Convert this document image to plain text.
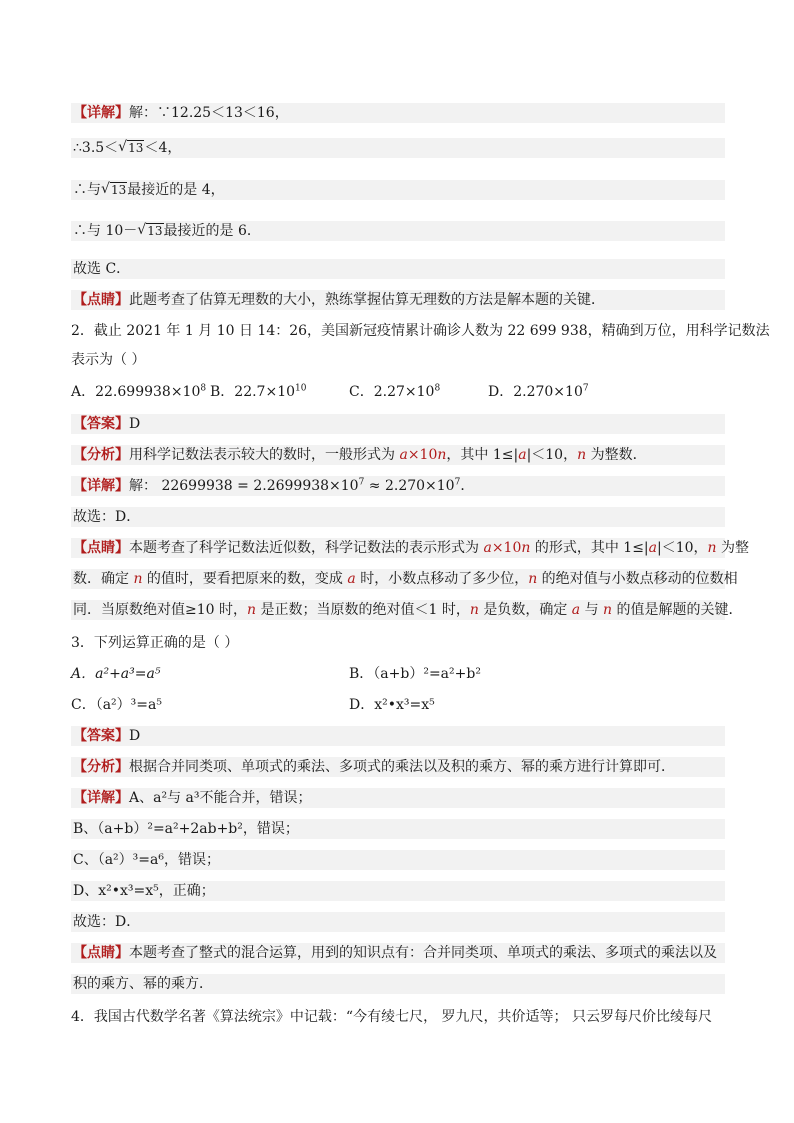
【详解】解：∵12.25＜13＜16，
∴3.5＜ √ 13＜4，
∴与 √ 13最接近的是 4，
∴与 10－ √ 13最接近的是 6．
故选 C．
【点睛】此题考查了估算无理数的大小，熟练掌握估算无理数的方法是解本题的关键．
2．截止 2021 年 1 月 10 日 14：26，美国新冠疫情累计确诊人数为 22 699 938，精确到万位，用科学记数法
表示为（ ）
A．$22.699938\times 10^8$ B．$22.7\times 10^{10}$	C．$2.27\times 10^8$	D．$2.270\times 10^7$
【答案】D
【分析】用科学记数法表示较大的数时，一般形式为 a×10n，其中 1≤|a|＜10，n 为整数．
【详解】解： $22699938 = 2.2699938\times 10^7 \approx 2.270\times 10^7$．
故选：D．
【点睛】本题考查了科学记数法近似数，科学记数法的表示形式为 a×10n 的形式，其中 1≤|a|＜10，n 为整
数．确定 n 的值时，要看把原来的数，变成 a 时，小数点移动了多少位，n 的绝对值与小数点移动的位数相
同．当原数绝对值≥10 时，n 是正数；当原数的绝对值＜1 时，n 是负数，确定 a 与 n 的值是解题的关键．
3．下列运算正确的是（ ）
A．a²+a³=a⁵	B．（a+b）²=a²+b²
C．（a²）³=a⁵	D．x²•x³=x⁵
【答案】D
【分析】根据合并同类项、单项式的乘法、多项式的乘法以及积的乘方、幂的乘方进行计算即可．
【详解】A、a²与 a³不能合并，错误；
B、（a+b）²=a²+2ab+b²，错误；
C、（a²）³=a⁶，错误；
D、x²•x³=x⁵，正确；
故选：D．
【点睛】本题考查了整式的混合运算，用到的知识点有：合并同类项、单项式的乘法、多项式的乘法以及
积的乘方、幂的乘方．
4．我国古代数学名著《算法统宗》中记载：“今有绫七尺， 罗九尺，共价适等； 只云罗每尺价比绫每尺
